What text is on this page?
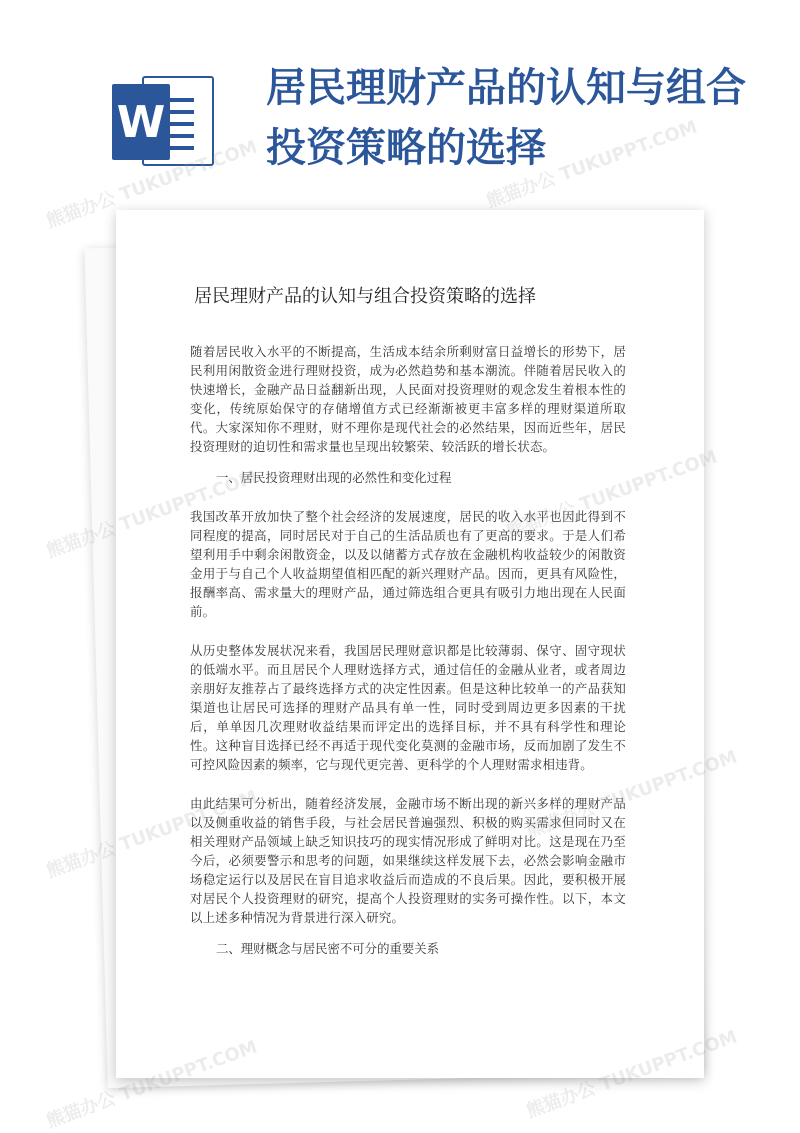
W
居民理财产品的认知与组合投资策略的选择
居民理财产品的认知与组合投资策略的选择

随着居民收入水平的不断提高，生活成本结余所剩财富日益增长的形势下，居民利用闲散资金进行理财投资，成为必然趋势和基本潮流。伴随着居民收入的快速增长，金融产品日益翻新出现，人民面对投资理财的观念发生着根本性的变化，传统原始保守的存储增值方式已经渐渐被更丰富多样的理财渠道所取代。大家深知你不理财，财不理你是现代社会的必然结果，因而近些年，居民投资理财的迫切性和需求量也呈现出较繁荣、较活跃的增长状态。

一、居民投资理财出现的必然性和变化过程

我国改革开放加快了整个社会经济的发展速度，居民的收入水平也因此得到不同程度的提高，同时居民对于自己的生活品质也有了更高的要求。于是人们希望利用手中剩余闲散资金，以及以储蓄方式存放在金融机构收益较少的闲散资金用于与自己个人收益期望值相匹配的新兴理财产品。因而，更具有风险性，报酬率高、需求量大的理财产品，通过筛选组合更具有吸引力地出现在人民面前。

从历史整体发展状况来看，我国居民理财意识都是比较薄弱、保守、固守现状的低端水平。而且居民个人理财选择方式，通过信任的金融从业者，或者周边亲朋好友推荐占了最终选择方式的决定性因素。但是这种比较单一的产品获知渠道也让居民可选择的理财产品具有单一性，同时受到周边更多因素的干扰后，单单因几次理财收益结果而评定出的选择目标，并不具有科学性和理论性。这种盲目选择已经不再适于现代变化莫测的金融市场，反而加剧了发生不可控风险因素的频率，它与现代更完善、更科学的个人理财需求相违背。

由此结果可分析出，随着经济发展，金融市场不断出现的新兴多样的理财产品以及侧重收益的销售手段，与社会居民普遍强烈、积极的购买需求但同时又在相关理财产品领域上缺乏知识技巧的现实情况形成了鲜明对比。这是现在乃至今后，必须要警示和思考的问题，如果继续这样发展下去，必然会影响金融市场稳定运行以及居民在盲目追求收益后而造成的不良后果。因此，要积极开展对居民个人投资理财的研究，提高个人投资理财的实务可操作性。以下，本文以上述多种情况为背景进行深入研究。

二、理财概念与居民密不可分的重要关系

熊猫办公 TUKUPPT.COM	熊猫办公 TUKUPPT.COM
熊猫办公
熊猫办公
熊猫办公	熊猫办公
